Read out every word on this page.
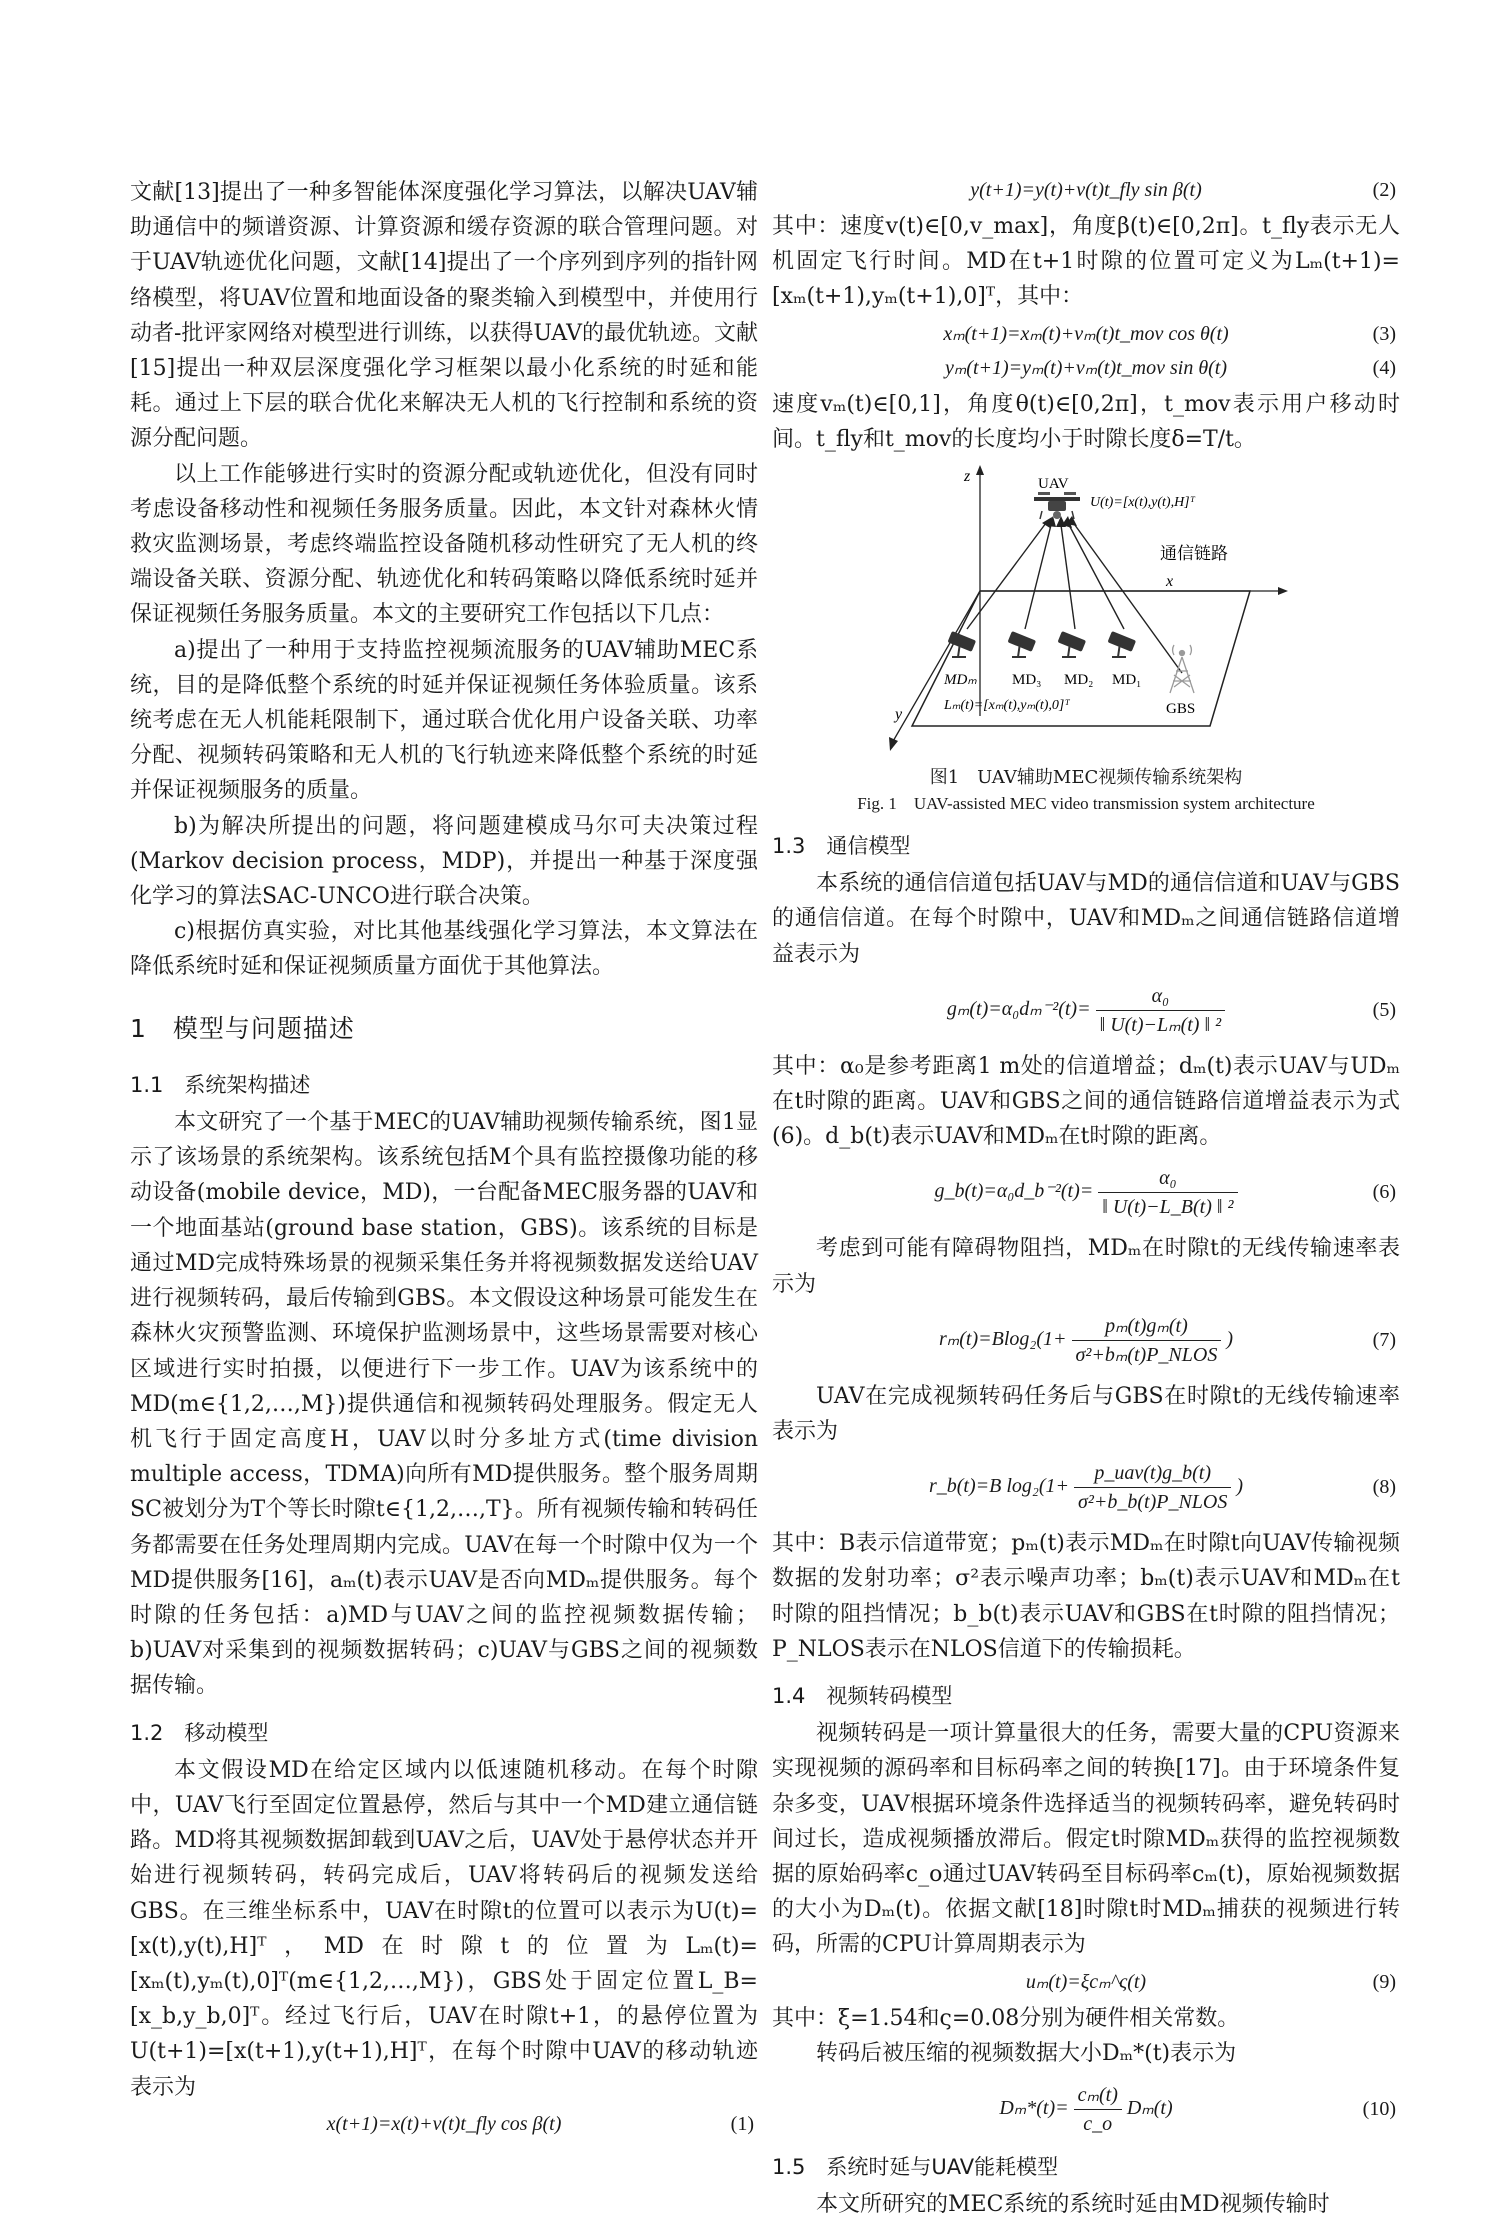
文献[13]提出了一种多智能体深度强化学习算法，以解决UAV辅助通信中的频谱资源、计算资源和缓存资源的联合管理问题。对于UAV轨迹优化问题，文献[14]提出了一个序列到序列的指针网络模型，将UAV位置和地面设备的聚类输入到模型中，并使用行动者-批评家网络对模型进行训练，以获得UAV的最优轨迹。文献[15]提出一种双层深度强化学习框架以最小化系统的时延和能耗。通过上下层的联合优化来解决无人机的飞行控制和系统的资源分配问题。

以上工作能够进行实时的资源分配或轨迹优化，但没有同时考虑设备移动性和视频任务服务质量。因此，本文针对森林火情救灾监测场景，考虑终端监控设备随机移动性研究了无人机的终端设备关联、资源分配、轨迹优化和转码策略以降低系统时延并保证视频任务服务质量。本文的主要研究工作包括以下几点：

a)提出了一种用于支持监控视频流服务的UAV辅助MEC系统，目的是降低整个系统的时延并保证视频任务体验质量。该系统考虑在无人机能耗限制下，通过联合优化用户设备关联、功率分配、视频转码策略和无人机的飞行轨迹来降低整个系统的时延并保证视频服务的质量。

b)为解决所提出的问题，将问题建模成马尔可夫决策过程(Markov decision process，MDP)，并提出一种基于深度强化学习的算法SAC-UNCO进行联合决策。

c)根据仿真实验，对比其他基线强化学习算法，本文算法在降低系统时延和保证视频质量方面优于其他算法。

1　模型与问题描述
1.1　系统架构描述

本文研究了一个基于MEC的UAV辅助视频传输系统，图1显示了该场景的系统架构。该系统包括M个具有监控摄像功能的移动设备(mobile device，MD)，一台配备MEC服务器的UAV和一个地面基站(ground base station，GBS)。该系统的目标是通过MD完成特殊场景的视频采集任务并将视频数据发送给UAV进行视频转码，最后传输到GBS。本文假设这种场景可能发生在森林火灾预警监测、环境保护监测场景中，这些场景需要对核心区域进行实时拍摄，以便进行下一步工作。UAV为该系统中的MD(m∈{1,2,…,M})提供通信和视频转码处理服务。假定无人机飞行于固定高度H，UAV以时分多址方式(time division multiple access，TDMA)向所有MD提供服务。整个服务周期SC被划分为T个等长时隙t∈{1,2,…,T}。所有视频传输和转码任务都需要在任务处理周期内完成。UAV在每一个时隙中仅为一个MD提供服务[16]，aₘ(t)表示UAV是否向MDₘ提供服务。每个时隙的任务包括：a)MD与UAV之间的监控视频数据传输；b)UAV对采集到的视频数据转码；c)UAV与GBS之间的视频数据传输。

1.2　移动模型

本文假设MD在给定区域内以低速随机移动。在每个时隙中，UAV飞行至固定位置悬停，然后与其中一个MD建立通信链路。MD将其视频数据卸载到UAV之后，UAV处于悬停状态并开始进行视频转码，转码完成后，UAV将转码后的视频发送给GBS。在三维坐标系中，UAV在时隙t的位置可以表示为U(t)=[x(t),y(t),H]ᵀ，MD在时隙t的位置为Lₘ(t)=[xₘ(t),yₘ(t),0]ᵀ(m∈{1,2,…,M})，GBS处于固定位置L_B=[x_b,y_b,0]ᵀ。经过飞行后，UAV在时隙t+1，的悬停位置为U(t+1)=[x(t+1),y(t+1),H]ᵀ，在每个时隙中UAV的移动轨迹表示为

x(t+1)=x(t)+v(t)t_fly cos β(t)	(1)
y(t+1)=y(t)+v(t)t_fly sin β(t)	(2)

其中：速度v(t)∈[0,v_max]，角度β(t)∈[0,2π]。t_fly表示无人机固定飞行时间。MD在t+1时隙的位置可定义为Lₘ(t+1)=[xₘ(t+1),yₘ(t+1),0]ᵀ，其中：

xₘ(t+1)=xₘ(t)+vₘ(t)t_mov cos θ(t)	(3)
yₘ(t+1)=yₘ(t)+vₘ(t)t_mov sin θ(t)	(4)

速度vₘ(t)∈[0,1]，角度θ(t)∈[0,2π]，t_mov表示用户移动时间。t_fly和t_mov的长度均小于时隙长度δ=T/t。

z
x
y
UAV
U(t)=[x(t),y(t),H]ᵀ
通信链路
MDₘ MD₃ MD₂ MD₁
Lₘ(t)=[xₘ(t),yₘ(t),0]ᵀ	GBS
图1　UAV辅助MEC视频传输系统架构
Fig. 1　UAV-assisted MEC video transmission system architecture
1.3　通信模型

本系统的通信信道包括UAV与MD的通信信道和UAV与GBS的通信信道。在每个时隙中，UAV和MDₘ之间通信链路信道增益表示为

$g_m(t)=\alpha_0d_m^{-2}(t)= \frac{\text{α₀}}{\text{‖ U(t)−Lₘ(t) ‖ ²}}$	(5)

其中：α₀是参考距离1 m处的信道增益；dₘ(t)表示UAV与UDₘ在t时隙的距离。UAV和GBS之间的通信链路信道增益表示为式(6)。d_b(t)表示UAV和MDₘ在t时隙的距离。

g_b(t)=α₀d_b⁻²(t)= $\frac{\text{α₀}}{\text{‖ U(t)−L\_B(t) ‖ ²}}$	(6)

考虑到可能有障碍物阻挡，MDₘ在时隙t的无线传输速率表示为

$r_m(t)=Blog_2(1+ \frac{\text{pₘ(t)gₘ(t)}}{\text{σ²+bₘ(t)P\_NLOS}}$ )	(7)

UAV在完成视频转码任务后与GBS在时隙t的无线传输速率表示为

r_b(t)=B $\log_2(1+ \frac{\text{p\_uav(t)g\_b(t)}}{\text{σ²+b\_b(t)P\_NLOS}}$ )	(8)

其中：B表示信道带宽；pₘ(t)表示MDₘ在时隙t向UAV传输视频数据的发射功率；σ²表示噪声功率；bₘ(t)表示UAV和MDₘ在t时隙的阻挡情况；b_b(t)表示UAV和GBS在t时隙的阻挡情况；P_NLOS表示在NLOS信道下的传输损耗。

1.4　视频转码模型

视频转码是一项计算量很大的任务，需要大量的CPU资源来实现视频的源码率和目标码率之间的转换[17]。由于环境条件复杂多变，UAV根据环境条件选择适当的视频转码率，避免转码时间过长，造成视频播放滞后。假定t时隙MDₘ获得的监控视频数据的原始码率c_o通过UAV转码至目标码率cₘ(t)，原始视频数据的大小为Dₘ(t)。依据文献[18]时隙t时MDₘ捕获的视频进行转码，所需的CPU计算周期表示为

uₘ(t)=ξcₘ^ς(t)	(9)

其中：ξ=1.54和ς=0.08分别为硬件相关常数。

转码后被压缩的视频数据大小Dₘ*(t)表示为

$D_m*(t)= \frac{\text{cₘ(t)}}{c\_o} D_m(t)$	(10)
1.5　系统时延与UAV能耗模型

本文所研究的MEC系统的系统时延由MD视频传输时
